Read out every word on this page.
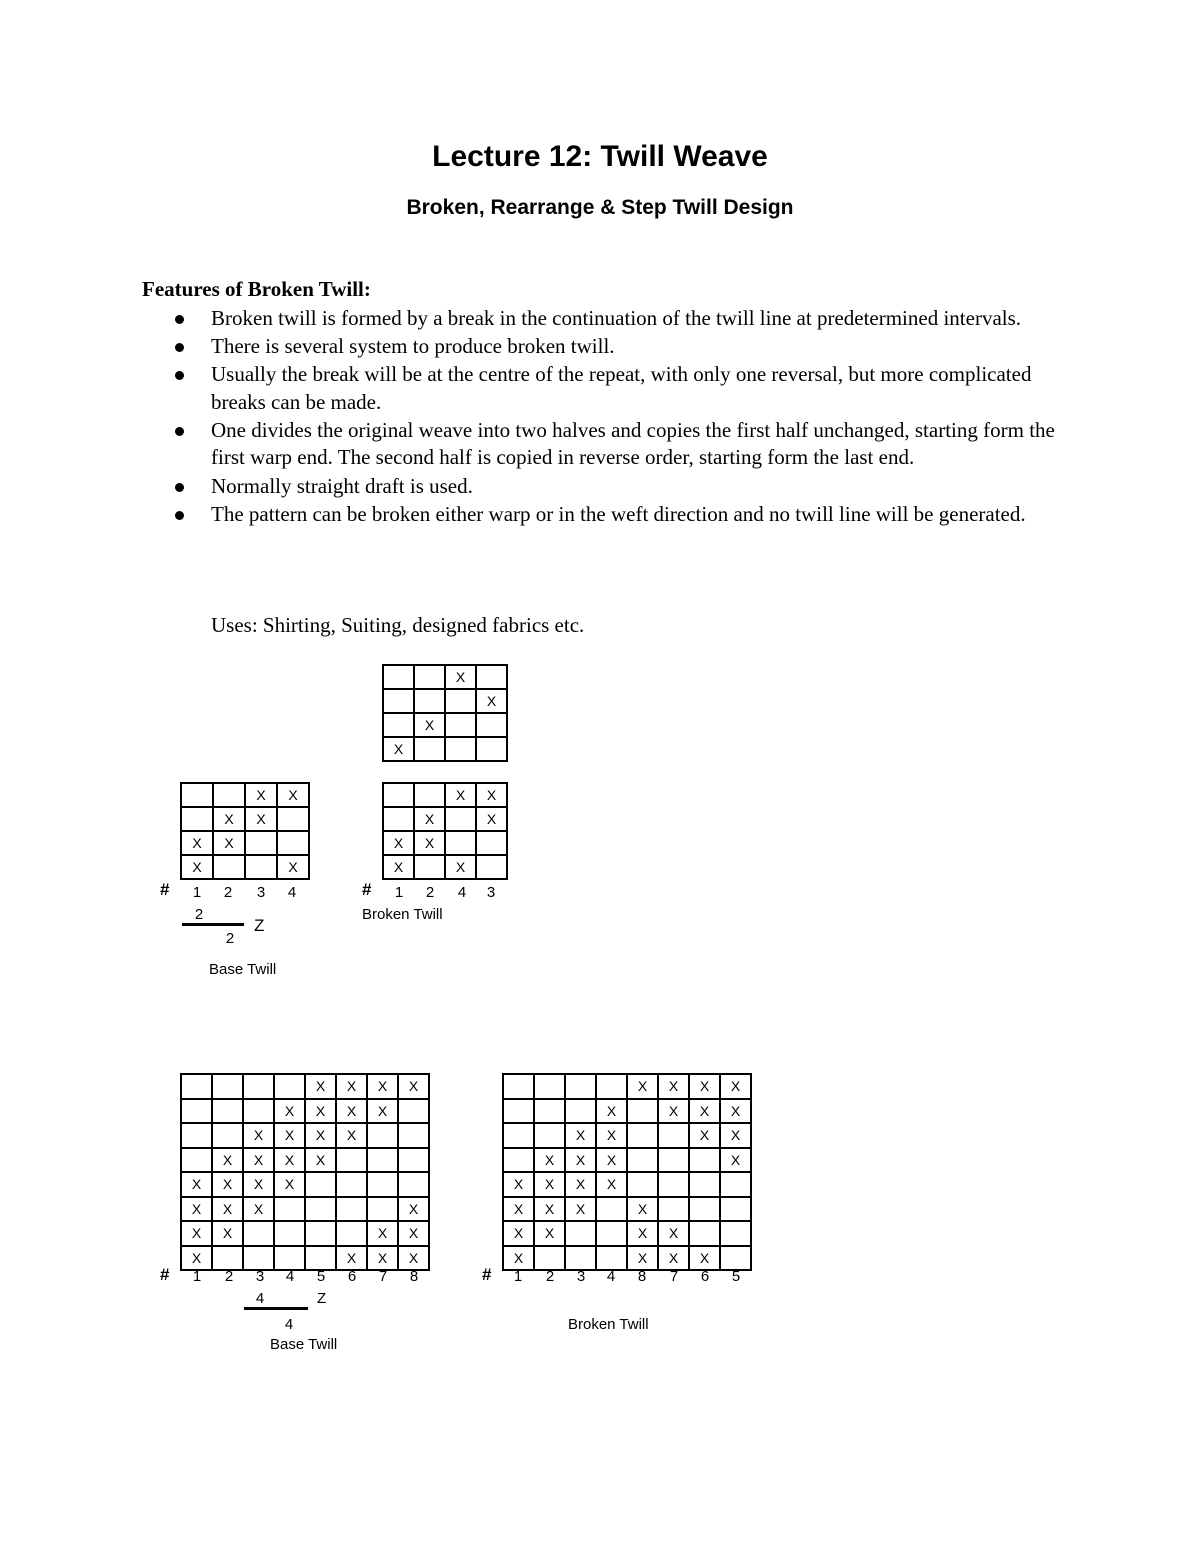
Lecture 12: Twill Weave
Broken, Rearrange & Step Twill Design
Features of Broken Twill:
Broken twill is formed by a break in the continuation of the twill line at predetermined intervals.
There is several system to produce broken twill.
Usually the break will be at the centre of the repeat, with only one reversal, but more complicated breaks can be made.
One divides the original weave into two halves and copies the first half unchanged, starting form the first warp end. The second half is copied in reverse order, starting form the last end.
Normally straight draft is used.
The pattern can be broken either warp or in the weft direction and no twill line will be generated.
Uses: Shirting, Suiting, designed fabrics etc.
		X	
			X
	X		
X			
		X	X
	X	X	
X	X		
X			X
#	1	2	3	4
2
2
Z
Base Twill
		X	X
	X		X
X	X		
X		X	
#	1	2	4	3
Broken Twill
				X	X	X	X
			X	X	X	X	
		X	X	X	X		
	X	X	X	X			
X	X	X	X				
X	X	X					X
X	X					X	X
X					X	X	X
#	1	2	3	4	5	6	7	8
4
4
Z
Base Twill
				X	X	X	X
			X		X	X	X
		X	X			X	X
	X	X	X				X
X	X	X	X				
X	X	X		X			
X	X			X	X		
X				X	X	X	
#	1	2	3	4	8	7	6	5
Broken Twill
